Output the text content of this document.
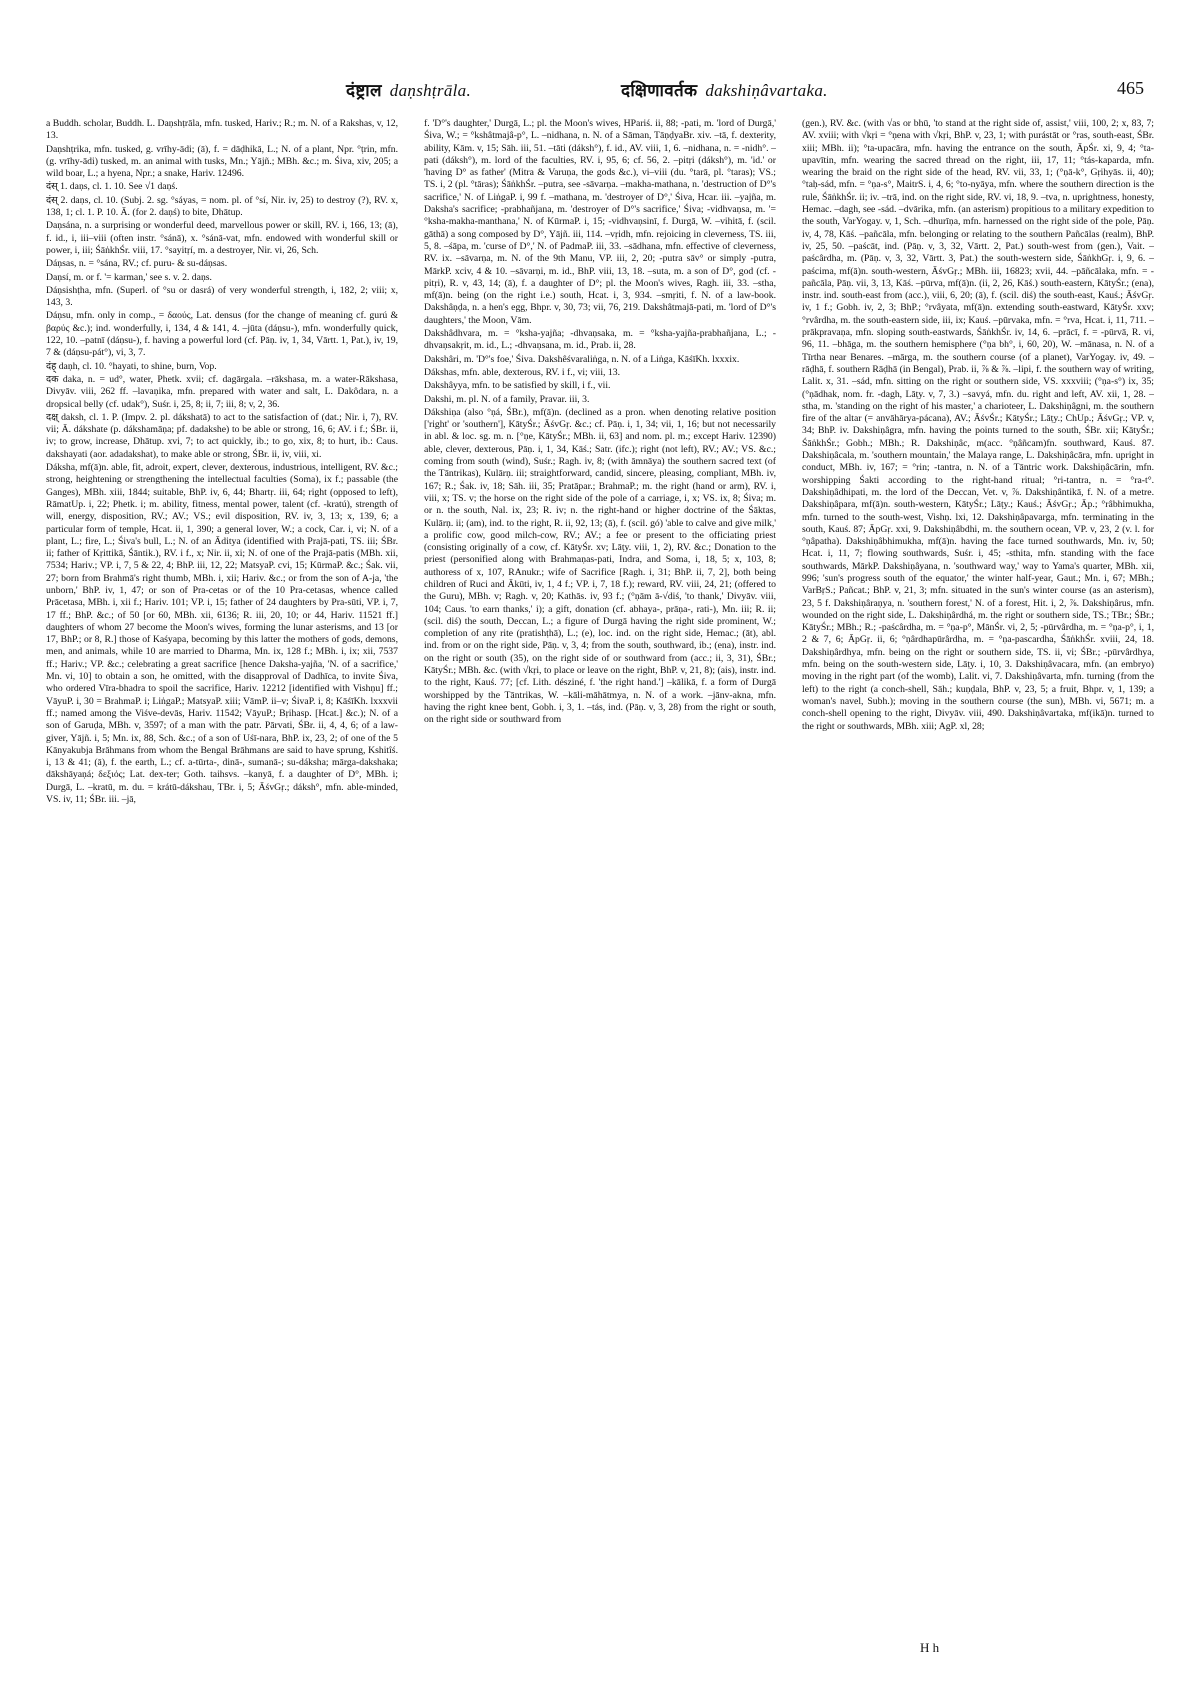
दंष्ट्राल daṇshṭrāla.	दक्षिणावर्तक dakshiṇâvartaka.	465

a Buddh. scholar, Buddh. L. Daṇshṭrāla, mfn. tusked, Hariv.; R.; m. N. of a Rakshas, v, 12, 13.

Daṇshṭrika, mfn. tusked, g. vrīhy-ādi; (ā), f. = dāḍhikā, L.; N. of a plant, Npr. °ṭrin, mfn. (g. vrīhy-ādi) tusked, m. an animal with tusks, Mn.; Yājñ.; MBh. &c.; m. Śiva, xiv, 205; a wild boar, L.; a hyena, Npr.; a snake, Hariv. 12496.

दंस् 1. daṇs, cl. 1. 10. See √1 daṇś.

दंस् 2. daṇs, cl. 10. (Subj. 2. sg. °sáyas, = nom. pl. of °sí, Nir. iv, 25) to destroy (?), RV. x, 138, 1; cl. 1. P. 10. Ā. (for 2. daṇś) to bite, Dhātup.

Daṇsána, n. a surprising or wonderful deed, marvellous power or skill, RV. i, 166, 13; (ā), f. id., i, iii–viii (often instr. °sánā), x. °sánā-vat, mfn. endowed with wonderful skill or power, i, iii; ŚāṅkhŚr. viii, 17. °sayitṛí, m. a destroyer, Nir. vi, 26, Sch.

Dáṇsas, n. = °sána, RV.; cf. puru- & su-dáṇsas.

Daṇsí, m. or f. '= karman,' see s. v. 2. daṇs.

Dáṇsishṭha, mfn. (Superl. of °su or dasrá) of very wonderful strength, i, 182, 2; viii; x, 143, 3.

Dáṇsu, mfn. only in comp., = δαούς, Lat. densus (for the change of meaning cf. gurú & βαρύς &c.); ind. wonderfully, i, 134, 4 & 141, 4. –jūta (dáṇsu-), mfn. wonderfully quick, 122, 10. –patnī (dáṇsu-), f. having a powerful lord (cf. Pāṇ. iv, 1, 34, Vārtt. 1, Pat.), iv, 19, 7 & (dáṇsu-pát°), vi, 3, 7.

दंह् daṇh, cl. 10. °hayati, to shine, burn, Vop.

दक daka, n. = ud°, water, Phetk. xvii; cf. dagārgala. –rākshasa, m. a water-Rākshasa, Divyāv. viii, 262 ff. –lavaṇika, mfn. prepared with water and salt, L. Dakôdara, n. a dropsical belly (cf. udak°), Suśr. i, 25, 8; ii, 7; iii, 8; v, 2, 36.

दक्ष् daksh, cl. 1. P. (Impv. 2. pl. dákshatā) to act to the satisfaction of (dat.; Nir. i, 7), RV. vii; Ā. dákshate (p. dákshamāṇa; pf. dadakshe) to be able or strong, 16, 6; AV. i f.; ŚBr. ii, iv; to grow, increase, Dhātup. xvi, 7; to act quickly, ib.; to go, xix, 8; to hurt, ib.: Caus. dakshayati (aor. adadakshat), to make able or strong, ŚBr. ii, iv, viii, xi.

Dáksha, mf(ā)n. able, fit, adroit, expert, clever, dexterous, industrious, intelligent, RV. &c.; strong, heightening or strengthening the intellectual faculties (Soma), ix f.; passable (the Ganges), MBh. xiii, 1844; suitable, BhP. iv, 6, 44; Bhartṛ. iii, 64; right (opposed to left), RāmatUp. i, 22; Phetk. i; m. ability, fitness, mental power, talent (cf. -kratú), strength of will, energy, disposition, RV.; AV.; VS.; evil disposition, RV. iv, 3, 13; x, 139, 6; a particular form of temple, Hcat. ii, 1, 390; a general lover, W.; a cock, Car. i, vi; N. of a plant, L.; fire, L.; Śiva's bull, L.; N. of an Āditya (identified with Prajā-pati, TS. iii; ŚBr. ii; father of Kṛittikā, Śāntik.), RV. i f., x; Nir. ii, xi; N. of one of the Prajā-patis (MBh. xii, 7534; Hariv.; VP. i, 7, 5 & 22, 4; BhP. iii, 12, 22; MatsyaP. cvi, 15; KūrmaP. &c.; Śak. vii, 27; born from Brahmā's right thumb, MBh. i, xii; Hariv. &c.; or from the son of A-ja, 'the unborn,' BhP. iv, 1, 47; or son of Pra-cetas or of the 10 Pra-cetasas, whence called Prācetasa, MBh. i, xii f.; Hariv. 101; VP. i, 15; father of 24 daughters by Pra-sūti, VP. i, 7, 17 ff.; BhP. &c.; of 50 [or 60, MBh. xii, 6136; R. iii, 20, 10; or 44, Hariv. 11521 ff.] daughters of whom 27 become the Moon's wives, forming the lunar asterisms, and 13 [or 17, BhP.; or 8, R.] those of Kaśyapa, becoming by this latter the mothers of gods, demons, men, and animals, while 10 are married to Dharma, Mn. ix, 128 f.; MBh. i, ix; xii, 7537 ff.; Hariv.; VP. &c.; celebrating a great sacrifice [hence Daksha-yajña, 'N. of a sacrifice,' Mn. vi, 10] to obtain a son, he omitted, with the disapproval of Dadhīca, to invite Śiva, who ordered Vīra-bhadra to spoil the sacrifice, Hariv. 12212 [identified with Vishṇu] ff.; VāyuP. i, 30 = BrahmaP. i; LiṅgaP.; MatsyaP. xiii; VāmP. ii–v; ŚivaP. i, 8; KāśīKh. lxxxvii ff.; named among the Viśve-devās, Hariv. 11542; VāyuP.; Bṛihasp. [Hcat.] &c.); N. of a son of Garuḍa, MBh. v, 3597; of a man with the patr. Pārvati, ŚBr. ii, 4, 4, 6; of a law-giver, Yājñ. i, 5; Mn. ix, 88, Sch. &c.; of a son of Uśī-nara, BhP. ix, 23, 2; of one of the 5 Kānyakubja Brāhmans from whom the Bengal Brāhmans are said to have sprung, Kshitîś. i, 13 & 41; (ā), f. the earth, L.; cf. a-tūrta-, dinā-, sumanā-; su-dáksha; mārga-dakshaka; dākshāyaṇá; δεξιός; Lat. dex-ter; Goth. taihsvs. –kanyā, f. a daughter of D°, MBh. i; Durgā, L. –kratū, m. du. = krátū-dákshau, TBr. i, 5; ĀśvGṛ.; dáksh°, mfn. able-minded, VS. iv, 11; ŚBr. iii. –jā,

f. 'D°'s daughter,' Durgā, L.; pl. the Moon's wives, HPariś. ii, 88; -pati, m. 'lord of Durgā,' Śiva, W.; = °kshâtmajâ-p°, L. –nidhana, n. N. of a Sāman, TāṇḍyaBr. xiv. –tā, f. dexterity, ability, Kām. v, 15; Sāh. iii, 51. –tāti (dáksh°), f. id., AV. viii, 1, 6. –nidhana, n. = -nidh°. –pati (dáksh°), m. lord of the faculties, RV. i, 95, 6; cf. 56, 2. –pitṛi (dáksh°), m. 'id.' or 'having D° as father' (Mitra & Varuṇa, the gods &c.), vi–viii (du. °tarā, pl. °taras); VS.; TS. i, 2 (pl. °tāras); ŚāṅkhŚr. –putra, see -sāvarṇa. –makha-mathana, n. 'destruction of D°'s sacrifice,' N. of LiṅgaP. i, 99 f. –mathana, m. 'destroyer of D°,' Śiva, Hcar. iii. –yajña, m. Daksha's sacrifice; -prabhañjana, m. 'destroyer of D°'s sacrifice,' Śiva; -vidhvaṇsa, m. '= °ksha-makha-manthana,' N. of KūrmaP. i, 15; -vidhvaṇsinī, f. Durgā, W. –vihitā, f. (scil. gāthā) a song composed by D°, Yājñ. iii, 114. –vṛidh, mfn. rejoicing in cleverness, TS. iii, 5, 8. –śāpa, m. 'curse of D°,' N. of PadmaP. iii, 33. –sādhana, mfn. effective of cleverness, RV. ix. –sāvarṇa, m. N. of the 9th Manu, VP. iii, 2, 20; -putra sāv° or simply -putra, MārkP. xciv, 4 & 10. –sāvarṇi, m. id., BhP. viii, 13, 18. –suta, m. a son of D°, god (cf. -pitṛi), R. v, 43, 14; (ā), f. a daughter of D°; pl. the Moon's wives, Ragh. iii, 33. –stha, mf(ā)n. being (on the right i.e.) south, Hcat. i, 3, 934. –smṛiti, f. N. of a law-book. Dakshâṇḍa, n. a hen's egg, Bhpr. v, 30, 73; vii, 76, 219. Dakshâtmajā-pati, m. 'lord of D°'s daughters,' the Moon, Vām.

Dakshâdhvara, m. = °ksha-yajña; -dhvaṇsaka, m. = °ksha-yajña-prabhañjana, L.; -dhvaṇsakṛit, m. id., L.; -dhvaṇsana, m. id., Prab. ii, 28.

Dakshâri, m. 'D°'s foe,' Śiva. Dakshêśvaraliṅga, n. N. of a Liṅga, KāśīKh. lxxxix.

Dákshas, mfn. able, dexterous, RV. i f., vi; viii, 13.

Dakshâyya, mfn. to be satisfied by skill, i f., vii.

Dakshi, m. pl. N. of a family, Pravar. iii, 3.

Dákshiṇa (also °ṇá, ŚBr.), mf(ā)n. (declined as a pron. when denoting relative position ['right' or 'southern'], KātyŚr.; ĀśvGṛ. &c.; cf. Pāṇ. i, 1, 34; vii, 1, 16; but not necessarily in abl. & loc. sg. m. n. [°ṇe, KātyŚr.; MBh. ii, 63] and nom. pl. m.; except Hariv. 12390) able, clever, dexterous, Pāṇ. i, 1, 34, Kāś.; Satr. (ifc.); right (not left), RV.; AV.; VS. &c.; coming from south (wind), Suśr.; Ragh. iv, 8; (with āmnāya) the southern sacred text (of the Tāntrikas), Kulārṇ. iii; straightforward, candid, sincere, pleasing, compliant, MBh. iv, 167; R.; Śak. iv, 18; Sāh. iii, 35; Pratāpar.; BrahmaP.; m. the right (hand or arm), RV. i, viii, x; TS. v; the horse on the right side of the pole of a carriage, i, x; VS. ix, 8; Śiva; m. or n. the south, Nal. ix, 23; R. iv; n. the right-hand or higher doctrine of the Śāktas, Kulārṇ. ii; (am), ind. to the right, R. ii, 92, 13; (ā), f. (scil. gó) 'able to calve and give milk,' a prolific cow, good milch-cow, RV.; AV.; a fee or present to the officiating priest (consisting originally of a cow, cf. KātyŚr. xv; Lāṭy. viii, 1, 2), RV. &c.; Donation to the priest (personified along with Brahmaṇas-pati, Indra, and Soma, i, 18, 5; x, 103, 8; authoress of x, 107, RAnukr.; wife of Sacrifice [Ragh. i, 31; BhP. ii, 7, 2], both being children of Ruci and Ākūti, iv, 1, 4 f.; VP. i, 7, 18 f.); reward, RV. viii, 24, 21; (offered to the Guru), MBh. v; Ragh. v, 20; Kathās. iv, 93 f.; (°ṇām ā-√diś, 'to thank,' Divyāv. viii, 104; Caus. 'to earn thanks,' i); a gift, donation (cf. abhaya-, prāṇa-, rati-), Mn. iii; R. ii; (scil. diś) the south, Deccan, L.; a figure of Durgā having the right side prominent, W.; completion of any rite (pratishṭhā), L.; (e), loc. ind. on the right side, Hemac.; (āt), abl. ind. from or on the right side, Pāṇ. v, 3, 4; from the south, southward, ib.; (ena), instr. ind. on the right or south (35), on the right side of or southward from (acc.; ii, 3, 31), ŚBr.; KātyŚr.; MBh. &c. (with √kṛi, to place or leave on the right, BhP. v, 21, 8); (ais), instr. ind. to the right, Kauś. 77; [cf. Lith. désziné, f. 'the right hand.'] –kālikā, f. a form of Durgā worshipped by the Tāntrikas, W. –kāli-māhātmya, n. N. of a work. –jānv-akna, mfn. having the right knee bent, Gobh. i, 3, 1. –tás, ind. (Pāṇ. v, 3, 28) from the right or south, on the right side or southward from

(gen.), RV. &c. (with √as or bhū, 'to stand at the right side of, assist,' viii, 100, 2; x, 83, 7; AV. xviii; with √kṛi = °ṇena with √kṛi, BhP. v, 23, 1; with purástāt or °ras, south-east, ŚBr. xiii; MBh. ii); °ta-upacāra, mfn. having the entrance on the south, ĀpŚr. xi, 9, 4; °ta-upavītin, mfn. wearing the sacred thread on the right, iii, 17, 11; °tás-kaparda, mfn. wearing the braid on the right side of the head, RV. vii, 33, 1; (°ṇā-k°, Gṛihyās. ii, 40); °taḥ-sád, mfn. = °ṇa-s°, MaitrS. i, 4, 6; °to-nyāya, mfn. where the southern direction is the rule, ŚāṅkhŚr. ii; iv. –trā, ind. on the right side, RV. vi, 18, 9. –tva, n. uprightness, honesty, Hemac. –dagh, see -sád. –dvārika, mfn. (an asterism) propitious to a military expedition to the south, VarYogay. v, 1, Sch. –dhurīṇa, mfn. harnessed on the right side of the pole, Pāṇ. iv, 4, 78, Kāś. –pañcāla, mfn. belonging or relating to the southern Pañcālas (realm), BhP. iv, 25, 50. –paścāt, ind. (Pāṇ. v, 3, 32, Vārtt. 2, Pat.) south-west from (gen.), Vait. –paścârdha, m. (Pāṇ. v, 3, 32, Vārtt. 3, Pat.) the south-western side, ŚāṅkhGṛ. i, 9, 6. –paścima, mf(ā)n. south-western, ĀśvGṛ.; MBh. iii, 16823; xvii, 44. –pāñcālaka, mfn. = -pañcāla, Pāṇ. vii, 3, 13, Kāś. –pūrva, mf(ā)n. (ii, 2, 26, Kāś.) south-eastern, KātyŚr.; (ena), instr. ind. south-east from (acc.), viii, 6, 20; (ā), f. (scil. diś) the south-east, Kauś.; ĀśvGṛ. iv, 1 f.; Gobh. iv, 2, 3; BhP.; °rvâyata, mf(ā)n. extending south-eastward, KātyŚr. xxv; °rvârdha, m. the south-eastern side, iii, ix; Kauś. –pūrvaka, mfn. = °rva, Hcat. i, 11, 711. –prākpravaṇa, mfn. sloping south-eastwards, ŚāṅkhŚr. iv, 14, 6. –prācī, f. = -pūrvā, R. vi, 96, 11. –bhāga, m. the southern hemisphere (°ṇa bh°, i, 60, 20), W. –mānasa, n. N. of a Tīrtha near Benares. –mārga, m. the southern course (of a planet), VarYogay. iv, 49. –rāḍhā, f. southern Rāḍhā (in Bengal), Prab. ii, ⅞ & ⅞. –lipi, f. the southern way of writing, Lalit. x, 31. –sád, mfn. sitting on the right or southern side, VS. xxxviii; (°ṇa-s°) ix, 35; (°ṇādhak, nom. fr. -dagh, Lāṭy. v, 7, 3.) –savyá, mfn. du. right and left, AV. xii, 1, 28. –stha, m. 'standing on the right of his master,' a charioteer, L. Dakshiṇâgni, m. the southern fire of the altar (= anvāhārya-pácana), AV.; ĀśvŚr.; KātyŚr.; Lāṭy.; ChUp.; ĀśvGṛ.; VP. v, 34; BhP. iv. Dakshiṇâgra, mfn. having the points turned to the south, ŚBr. xii; KātyŚr.; ŚāṅkhŚr.; Gobh.; MBh.; R. Dakshiṇâc, m(acc. °ṇâñcam)fn. southward, Kauś. 87. Dakshiṇâcala, m. 'southern mountain,' the Malaya range, L. Dakshiṇâcāra, mfn. upright in conduct, MBh. iv, 167; = °rin; -tantra, n. N. of a Tāntric work. Dakshiṇâcārin, mfn. worshipping Śakti according to the right-hand ritual; °ri-tantra, n. = °ra-t°. Dakshiṇâdhipati, m. the lord of the Deccan, Vet. v, ⅞. Dakshiṇântikā, f. N. of a metre. Dakshiṇâpara, mf(ā)n. south-western, KātyŚr.; Lāṭy.; Kauś.; ĀśvGṛ.; Āp.; °râbhimukha, mfn. turned to the south-west, Vishṇ. lxi, 12. Dakshiṇâpavarga, mfn. terminating in the south, Kauś. 87; ĀpGṛ. xxi, 9. Dakshiṇâbdhi, m. the southern ocean, VP. v, 23, 2 (v. l. for °ṇâpatha). Dakshiṇâbhimukha, mf(ā)n. having the face turned southwards, Mn. iv, 50; Hcat. i, 11, 7; flowing southwards, Suśr. i, 45; -sthita, mfn. standing with the face southwards, MārkP. Dakshiṇâyana, n. 'southward way,' way to Yama's quarter, MBh. xii, 996; 'sun's progress south of the equator,' the winter half-year, Gaut.; Mn. i, 67; MBh.; VarBṛS.; Pañcat.; BhP. v, 21, 3; mfn. situated in the sun's winter course (as an asterism), 23, 5 f. Dakshiṇâraṇya, n. 'southern forest,' N. of a forest, Hit. i, 2, ⅞. Dakshiṇârus, mfn. wounded on the right side, L. Dakshiṇârdhá, m. the right or southern side, TS.; TBr.; ŚBr.; KātyŚr.; MBh.; R.; -paścârdha, m. = °ṇa-p°, MānŚr. vi, 2, 5; -pūrvârdha, m. = °ṇa-p°, i, 1, 2 & 7, 6; ĀpGṛ. ii, 6; °ṇârdhapūrârdha, m. = °ṇa-pascardha, ŚāṅkhŚr. xviii, 24, 18. Dakshiṇârdhya, mfn. being on the right or southern side, TS. ii, vi; ŚBr.; -pūrvârdhya, mfn. being on the south-western side, Lāṭy. i, 10, 3. Dakshiṇâvacara, mfn. (an embryo) moving in the right part (of the womb), Lalit. vi, 7. Dakshiṇâvarta, mfn. turning (from the left) to the right (a conch-shell, Sāh.; kuṇḍala, BhP. v, 23, 5; a fruit, Bhpr. v, 1, 139; a woman's navel, Subh.); moving in the southern course (the sun), MBh. vi, 5671; m. a conch-shell opening to the right, Divyāv. viii, 490. Dakshiṇâvartaka, mf(ikā)n. turned to the right or southwards, MBh. xiii; AgP. xl, 28;

H h
